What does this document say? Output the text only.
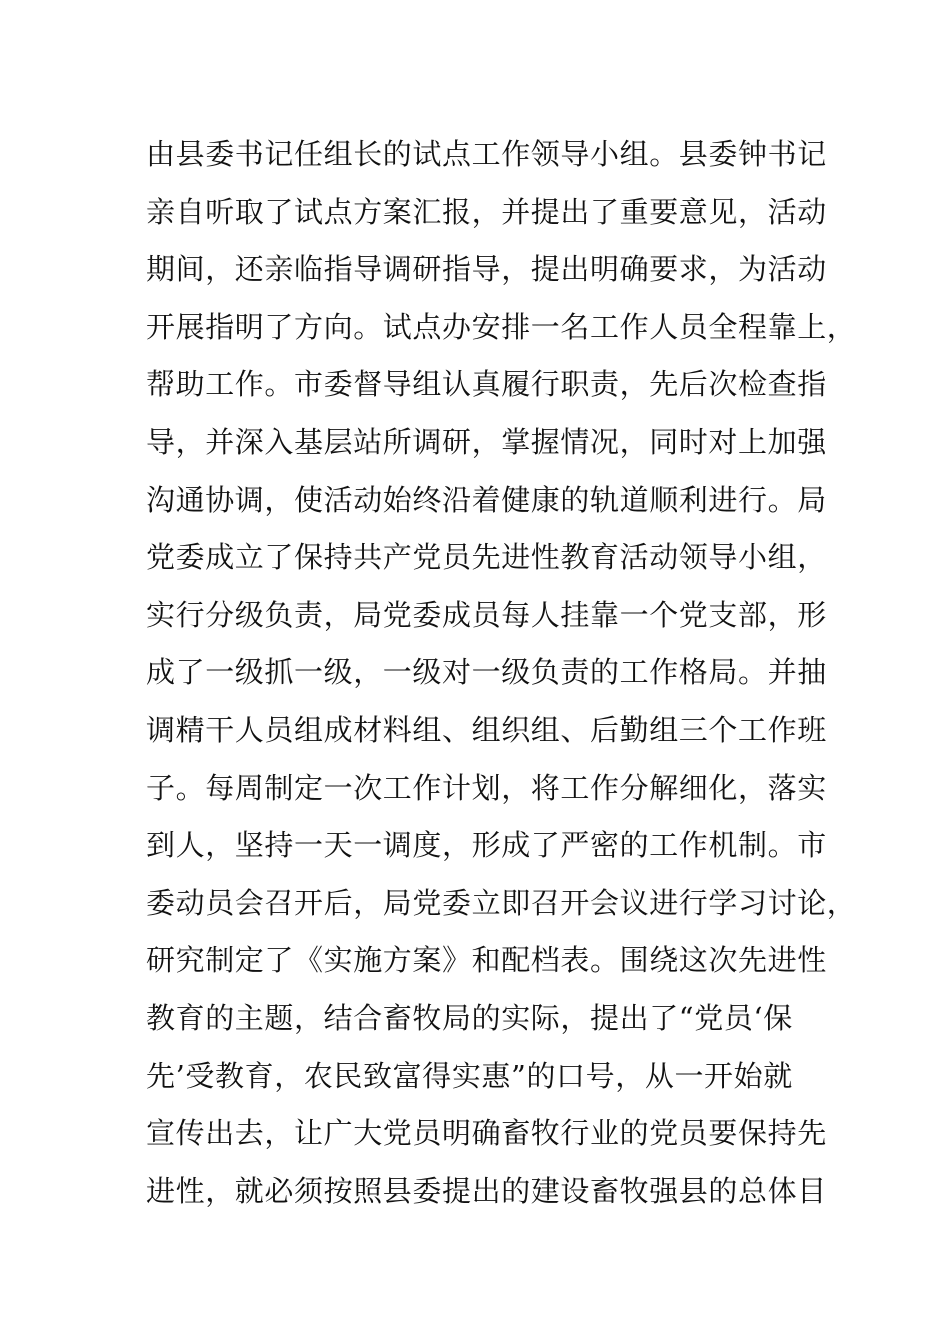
由县委书记任组长的试点工作领导小组。县委钟书记
亲自听取了试点方案汇报，并提出了重要意见，活动
期间，还亲临指导调研指导，提出明确要求，为活动
开展指明了方向。试点办安排一名工作人员全程靠上，
帮助工作。市委督导组认真履行职责，先后次检查指
导，并深入基层站所调研，掌握情况，同时对上加强
沟通协调，使活动始终沿着健康的轨道顺利进行。局
党委成立了保持共产党员先进性教育活动领导小组，
实行分级负责，局党委成员每人挂靠一个党支部，形
成了一级抓一级，一级对一级负责的工作格局。并抽
调精干人员组成材料组、组织组、后勤组三个工作班
子。每周制定一次工作计划，将工作分解细化，落实
到人，坚持一天一调度，形成了严密的工作机制。市
委动员会召开后，局党委立即召开会议进行学习讨论，
研究制定了《实施方案》和配档表。围绕这次先进性
教育的主题，结合畜牧局的实际，提出了“党员‘保
先’受教育，农民致富得实惠”的口号，从一开始就
宣传出去，让广大党员明确畜牧行业的党员要保持先
进性，就必须按照县委提出的建设畜牧强县的总体目
